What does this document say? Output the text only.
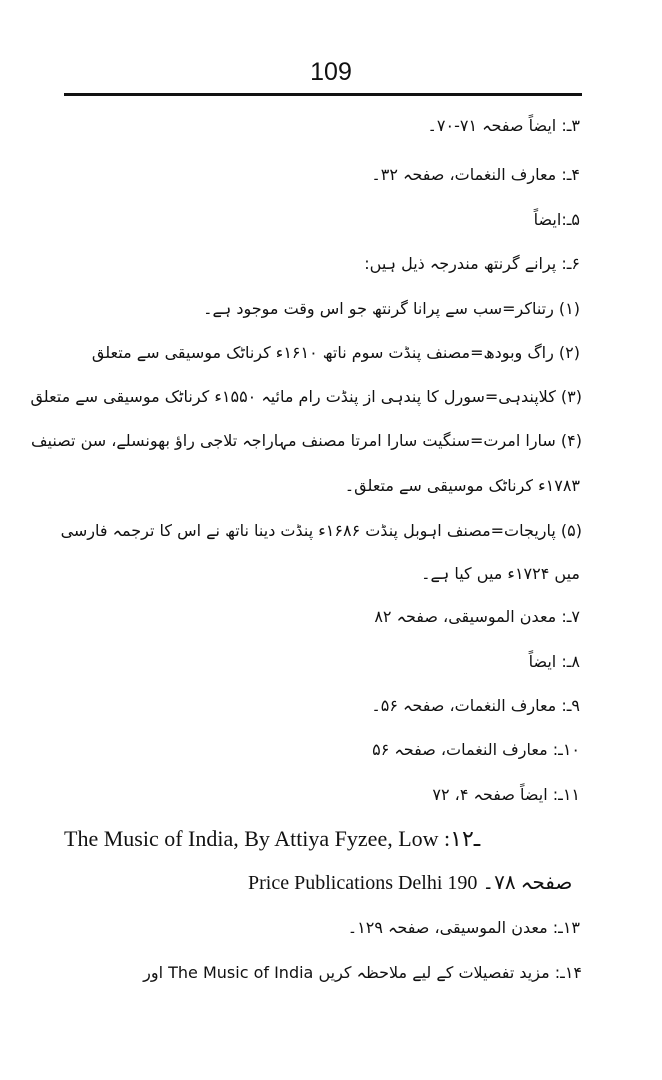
109
۳ـ: ایضاً صفحہ ۷۱-۷۰۔
۴ـ: معارف النغمات، صفحہ ۳۲۔
۵ـ:ایضاً
۶ـ: پرانے گرنتھ مندرجہ ذیل ہیں:
(۱) رتناکر=سب سے پرانا گرنتھ جو اس وقت موجود ہے۔
(۲) راگ وبودھ=مصنف پنڈت سوم ناتھ ۱۶۱۰ء کرناٹک موسیقی سے متعلق
(۳) کلاپندہی=سورل کا پندہی از پنڈت رام مائیہ ۱۵۵۰ء کرناٹک موسیقی سے متعلق
(۴) سارا امرت=سنگیت سارا امرتا مصنف مہاراجہ تلاجی راؤ بھونسلے، سن تصنیف
۱۷۸۳ء کرناٹک موسیقی سے متعلق۔
(۵) پاریجات=مصنف اہوبل پنڈت ۱۶۸۶ء پنڈت دینا ناتھ نے اس کا ترجمہ فارسی
میں ۱۷۲۴ء میں کیا ہے۔
۷ـ: معدن الموسیقی، صفحہ ۸۲
۸ـ: ایضاً
۹ـ: معارف النغمات، صفحہ ۵۶۔
۱۰ـ: معارف النغمات، صفحہ ۵۶
۱۱ـ: ایضاً صفحہ ۴، ۷۲
The Music of India, By Attiya Fyzee, Low :۱۲ـ
Price Publications Delhi 190 صفحہ ۷۸۔
۱۳ـ: معدن الموسیقی، صفحہ ۱۲۹۔
۱۴ـ: مزید تفصیلات کے لیے ملاحظہ کریں The Music of India اور
